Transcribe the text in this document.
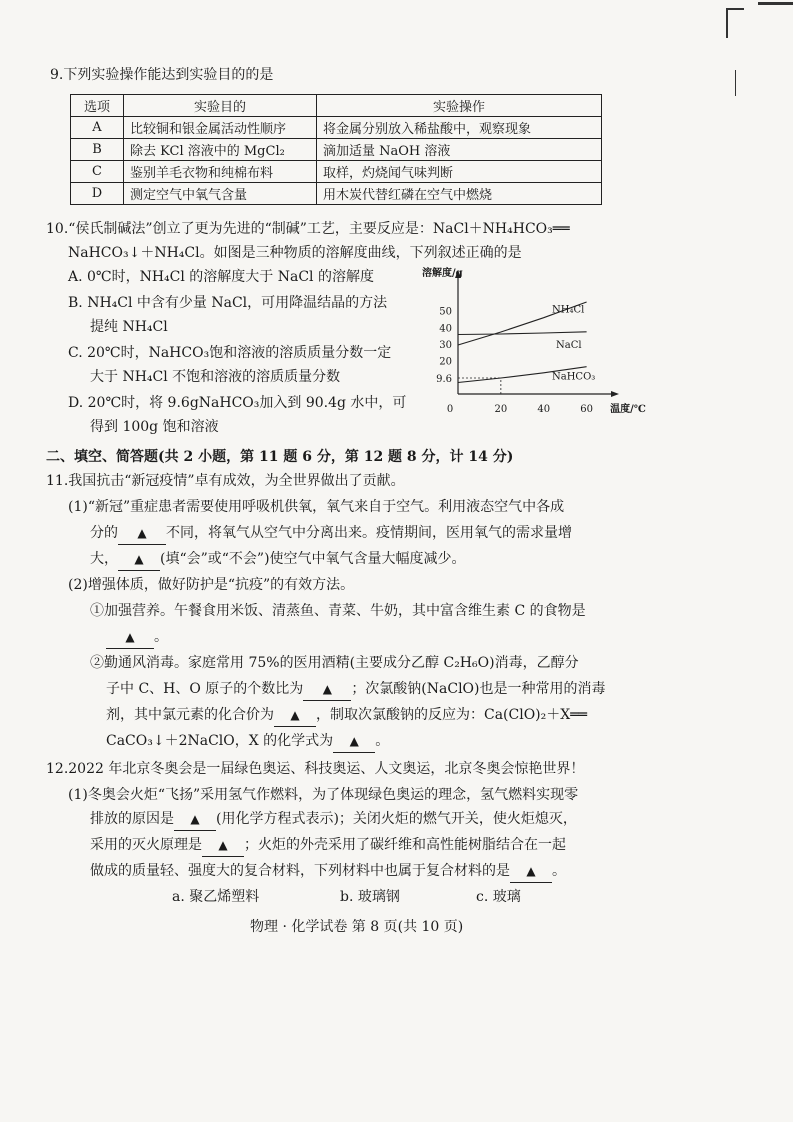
9.下列实验操作能达到实验目的的是
选项	实验目的	实验操作
A	比较铜和银金属活动性顺序	将金属分别放入稀盐酸中，观察现象
B	除去 KCl 溶液中的 MgCl₂	滴加适量 NaOH 溶液
C	鉴别羊毛衣物和纯棉布料	取样，灼烧闻气味判断
D	测定空气中氧气含量	用木炭代替红磷在空气中燃烧
10.“侯氏制碱法”创立了更为先进的“制碱”工艺，主要反应是：NaCl＋NH₄HCO₃══
NaHCO₃↓＋NH₄Cl。如图是三种物质的溶解度曲线，下列叙述正确的是
A. 0℃时，NH₄Cl 的溶解度大于 NaCl 的溶解度
B. NH₄Cl 中含有少量 NaCl，可用降温结晶的方法
提纯 NH₄Cl
C. 20℃时，NaHCO₃饱和溶液的溶质质量分数一定
大于 NH₄Cl 不饱和溶液的溶质质量分数
D. 20℃时，将 9.6gNaHCO₃加入到 90.4g 水中，可
得到 100g 饱和溶液
溶解度/g
温度/℃
0	20	40	60
50
40
30
20
9.6
NH₄Cl
NaCl
NaHCO₃
二、填空、简答题(共 2 小题，第 11 题 6 分，第 12 题 8 分，计 14 分)
11.我国抗击“新冠疫情”卓有成效，为全世界做出了贡献。
(1)“新冠”重症患者需要使用呼吸机供氧，氧气来自于空气。利用液态空气中各成
分的 ▲ 不同，将氧气从空气中分离出来。疫情期间，医用氧气的需求量增
大， ▲ (填“会”或“不会”)使空气中氧气含量大幅度减少。
(2)增强体质，做好防护是“抗疫”的有效方法。
①加强营养。午餐食用米饭、清蒸鱼、青菜、牛奶，其中富含维生素 C 的食物是
▲ 。
②勤通风消毒。家庭常用 75%的医用酒精(主要成分乙醇 C₂H₆O)消毒，乙醇分
子中 C、H、O 原子的个数比为 ▲ ；次氯酸钠(NaClO)也是一种常用的消毒
剂，其中氯元素的化合价为 ▲ ，制取次氯酸钠的反应为：Ca(ClO)₂＋X══
CaCO₃↓＋2NaClO，X 的化学式为 ▲ 。
12.2022 年北京冬奥会是一届绿色奥运、科技奥运、人文奥运，北京冬奥会惊艳世界！
(1)冬奥会火炬“飞扬”采用氢气作燃料，为了体现绿色奥运的理念，氢气燃料实现零
排放的原因是 ▲ (用化学方程式表示)；关闭火炬的燃气开关，使火炬熄灭，
采用的灭火原理是 ▲ ；火炬的外壳采用了碳纤维和高性能树脂结合在一起
做成的质量轻、强度大的复合材料，下列材料中也属于复合材料的是 ▲ 。
a. 聚乙烯塑料	b. 玻璃钢	c. 玻璃
物理 · 化学试卷 第 8 页(共 10 页)
